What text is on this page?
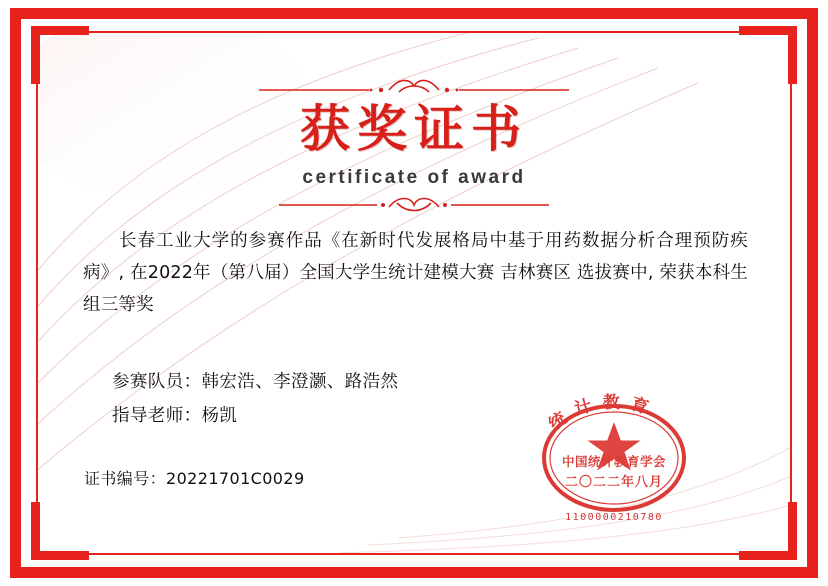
获奖证书
certificate of award
长春工业大学的参赛作品《在新时代发展格局中基于用药数据分析合理预防疾病》, 在2022年（第八届）全国大学生统计建模大赛 吉林赛区 选拔赛中, 荣获本科生组三等奖
参赛队员：韩宏浩、李澄灏、路浩然
指导老师：杨凯
证书编号：20221701C0029
统计教育
中国统计教育学会
二〇二二年八月
1100000210780
